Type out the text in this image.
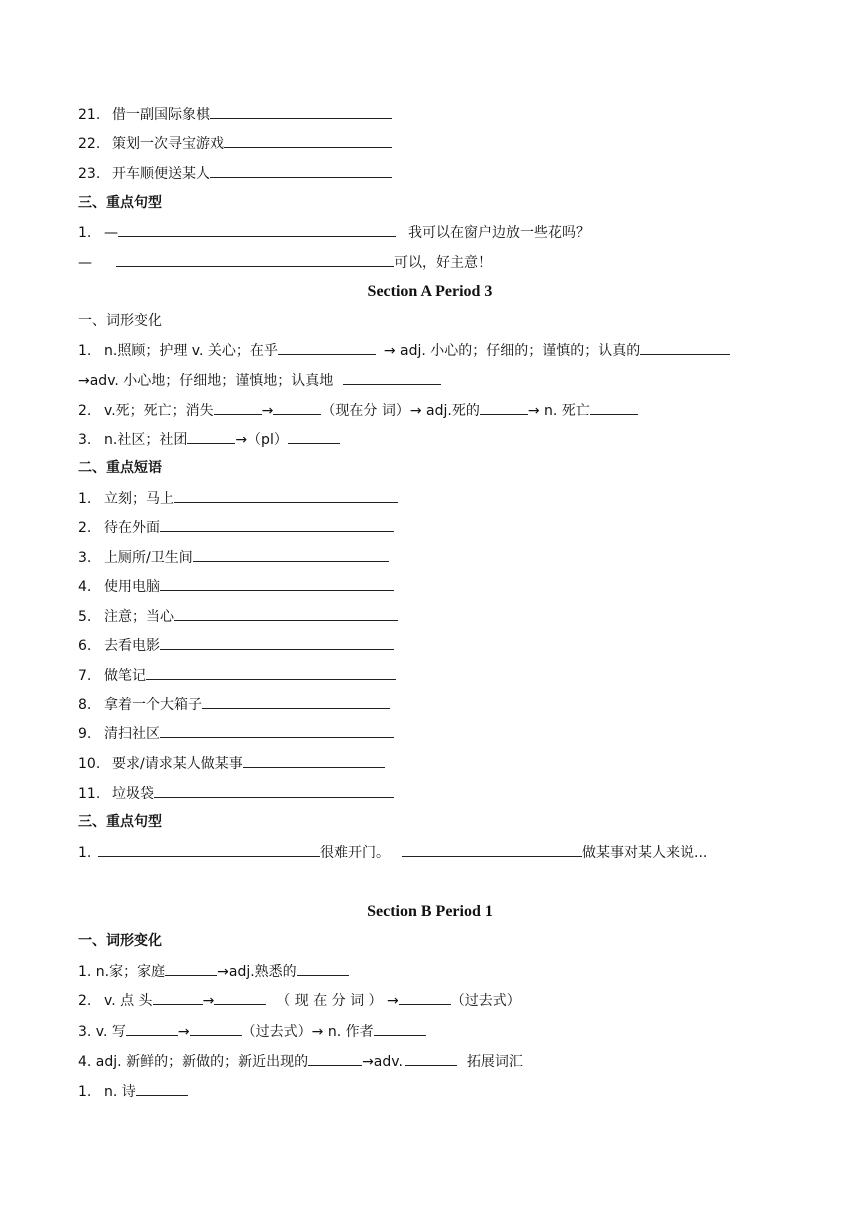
21. 借一副国际象棋
22. 策划一次寻宝游戏
23. 开车顺便送某人
三、重点句型
1. —	我可以在窗户边放一些花吗？
—	可以，好主意！
Section A Period 3
一、词形变化
1. n.照顾；护理 v. 关心；在乎	→ adj. 小心的；仔细的；谨慎的；认真的
→adv. 小心地；仔细地；谨慎地；认真地
2. v.死；死亡；消失	→	（现在分 词）→ adj.死的	→ n. 死亡
3. n.社区；社团	→（pl）
二、重点短语
1. 立刻；马上
2. 待在外面
3. 上厕所/卫生间
4. 使用电脑
5. 注意；当心
6. 去看电影
7. 做笔记
8. 拿着一个大箱子
9. 清扫社区
10. 要求/请求某人做某事
11. 垃圾袋
三、重点句型
1.	很难开门。	做某事对某人来说...
Section B Period 1
一、词形变化
1. n.家；家庭	→adj.熟悉的
2. v. 点 头	→	（ 现 在 分 词 ） →	（过去式）
3. v. 写	→	（过去式）→ n. 作者
4. adj. 新鲜的；新做的；新近出现的	→adv.	拓展词汇
1. n. 诗
